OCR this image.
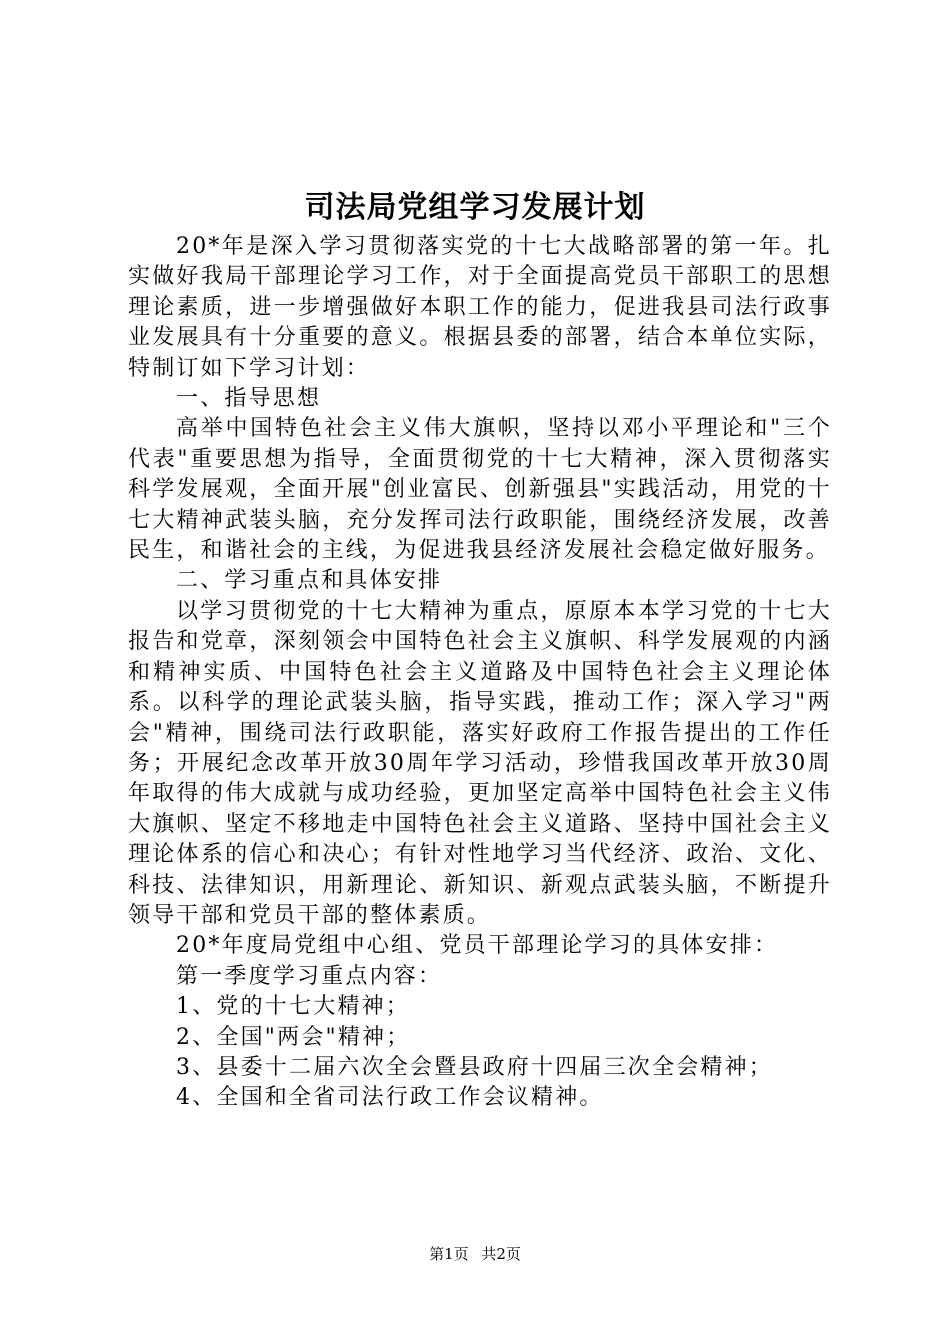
司法局党组学习发展计划

20*年是深入学习贯彻落实党的十七大战略部署的第一年。扎实做好我局干部理论学习工作，对于全面提高党员干部职工的思想理论素质，进一步增强做好本职工作的能力，促进我县司法行政事业发展具有十分重要的意义。根据县委的部署，结合本单位实际，特制订如下学习计划：

一、指导思想

高举中国特色社会主义伟大旗帜，坚持以邓小平理论和"三个代表"重要思想为指导，全面贯彻党的十七大精神，深入贯彻落实科学发展观，全面开展"创业富民、创新强县"实践活动，用党的十七大精神武装头脑，充分发挥司法行政职能，围绕经济发展，改善民生，和谐社会的主线，为促进我县经济发展社会稳定做好服务。

二、学习重点和具体安排

以学习贯彻党的十七大精神为重点，原原本本学习党的十七大报告和党章，深刻领会中国特色社会主义旗帜、科学发展观的内涵和精神实质、中国特色社会主义道路及中国特色社会主义理论体系。以科学的理论武装头脑，指导实践，推动工作；深入学习"两会"精神，围绕司法行政职能，落实好政府工作报告提出的工作任务；开展纪念改革开放30周年学习活动，珍惜我国改革开放30周年取得的伟大成就与成功经验，更加坚定高举中国特色社会主义伟大旗帜、坚定不移地走中国特色社会主义道路、坚持中国社会主义理论体系的信心和决心；有针对性地学习当代经济、政治、文化、科技、法律知识，用新理论、新知识、新观点武装头脑，不断提升领导干部和党员干部的整体素质。

20*年度局党组中心组、党员干部理论学习的具体安排：

第一季度学习重点内容：

1、党的十七大精神；

2、全国"两会"精神；

3、县委十二届六次全会暨县政府十四届三次全会精神；

4、全国和全省司法行政工作会议精神。

第1页 共2页
